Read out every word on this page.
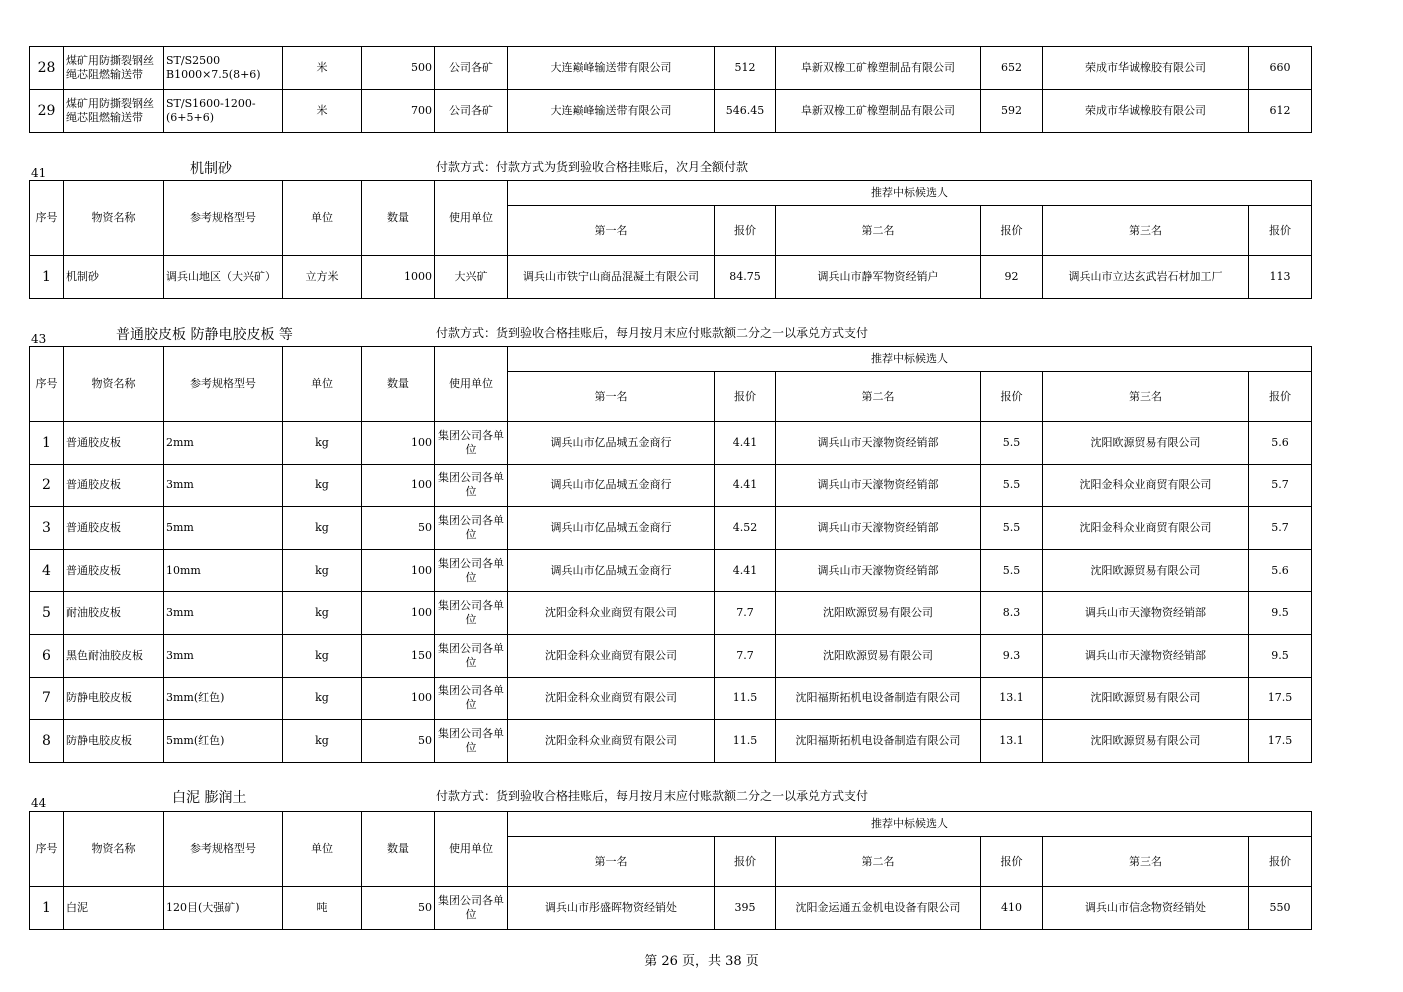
28	煤矿用防撕裂钢丝绳芯阻燃输送带	ST/S2500 B1000×7.5(8+6)	米	500	公司各矿	大连巅峰输送带有限公司	512	阜新双橡工矿橡塑制品有限公司	652	荣成市华诚橡胶有限公司	660
29	煤矿用防撕裂钢丝绳芯阻燃输送带	ST/S1600-1200-(6+5+6)	米	700	公司各矿	大连巅峰输送带有限公司	546.45	阜新双橡工矿橡塑制品有限公司	592	荣成市华诚橡胶有限公司	612
41	机制砂	付款方式：付款方式为货到验收合格挂账后，次月全额付款
序号	物资名称	参考规格型号	单位	数量	使用单位	推荐中标候选人					
						第一名	报价	第二名	报价	第三名	报价
1	机制砂	调兵山地区（大兴矿）	立方米	1000	大兴矿	调兵山市铁宁山商品混凝土有限公司	84.75	调兵山市静军物资经销户	92	调兵山市立达玄武岩石材加工厂	113
43	普通胶皮板 防静电胶皮板 等	付款方式：货到验收合格挂账后，每月按月末应付账款额二分之一以承兑方式支付
序号	物资名称	参考规格型号	单位	数量	使用单位	推荐中标候选人					
						第一名	报价	第二名	报价	第三名	报价
1	普通胶皮板	2mm	kg	100	集团公司各单位	调兵山市亿品城五金商行	4.41	调兵山市天濠物资经销部	5.5	沈阳欧源贸易有限公司	5.6
2	普通胶皮板	3mm	kg	100	集团公司各单位	调兵山市亿品城五金商行	4.41	调兵山市天濠物资经销部	5.5	沈阳金科众业商贸有限公司	5.7
3	普通胶皮板	5mm	kg	50	集团公司各单位	调兵山市亿品城五金商行	4.52	调兵山市天濠物资经销部	5.5	沈阳金科众业商贸有限公司	5.7
4	普通胶皮板	10mm	kg	100	集团公司各单位	调兵山市亿品城五金商行	4.41	调兵山市天濠物资经销部	5.5	沈阳欧源贸易有限公司	5.6
5	耐油胶皮板	3mm	kg	100	集团公司各单位	沈阳金科众业商贸有限公司	7.7	沈阳欧源贸易有限公司	8.3	调兵山市天濠物资经销部	9.5
6	黑色耐油胶皮板	3mm	kg	150	集团公司各单位	沈阳金科众业商贸有限公司	7.7	沈阳欧源贸易有限公司	9.3	调兵山市天濠物资经销部	9.5
7	防静电胶皮板	3mm(红色)	kg	100	集团公司各单位	沈阳金科众业商贸有限公司	11.5	沈阳福斯拓机电设备制造有限公司	13.1	沈阳欧源贸易有限公司	17.5
8	防静电胶皮板	5mm(红色)	kg	50	集团公司各单位	沈阳金科众业商贸有限公司	11.5	沈阳福斯拓机电设备制造有限公司	13.1	沈阳欧源贸易有限公司	17.5
44	白泥 膨润土	付款方式：货到验收合格挂账后，每月按月末应付账款额二分之一以承兑方式支付
序号	物资名称	参考规格型号	单位	数量	使用单位	推荐中标候选人					
						第一名	报价	第二名	报价	第三名	报价
1	白泥	120目(大强矿)	吨	50	集团公司各单位	调兵山市彤盛晖物资经销处	395	沈阳金运通五金机电设备有限公司	410	调兵山市信念物资经销处	550
第 26 页，共 38 页
